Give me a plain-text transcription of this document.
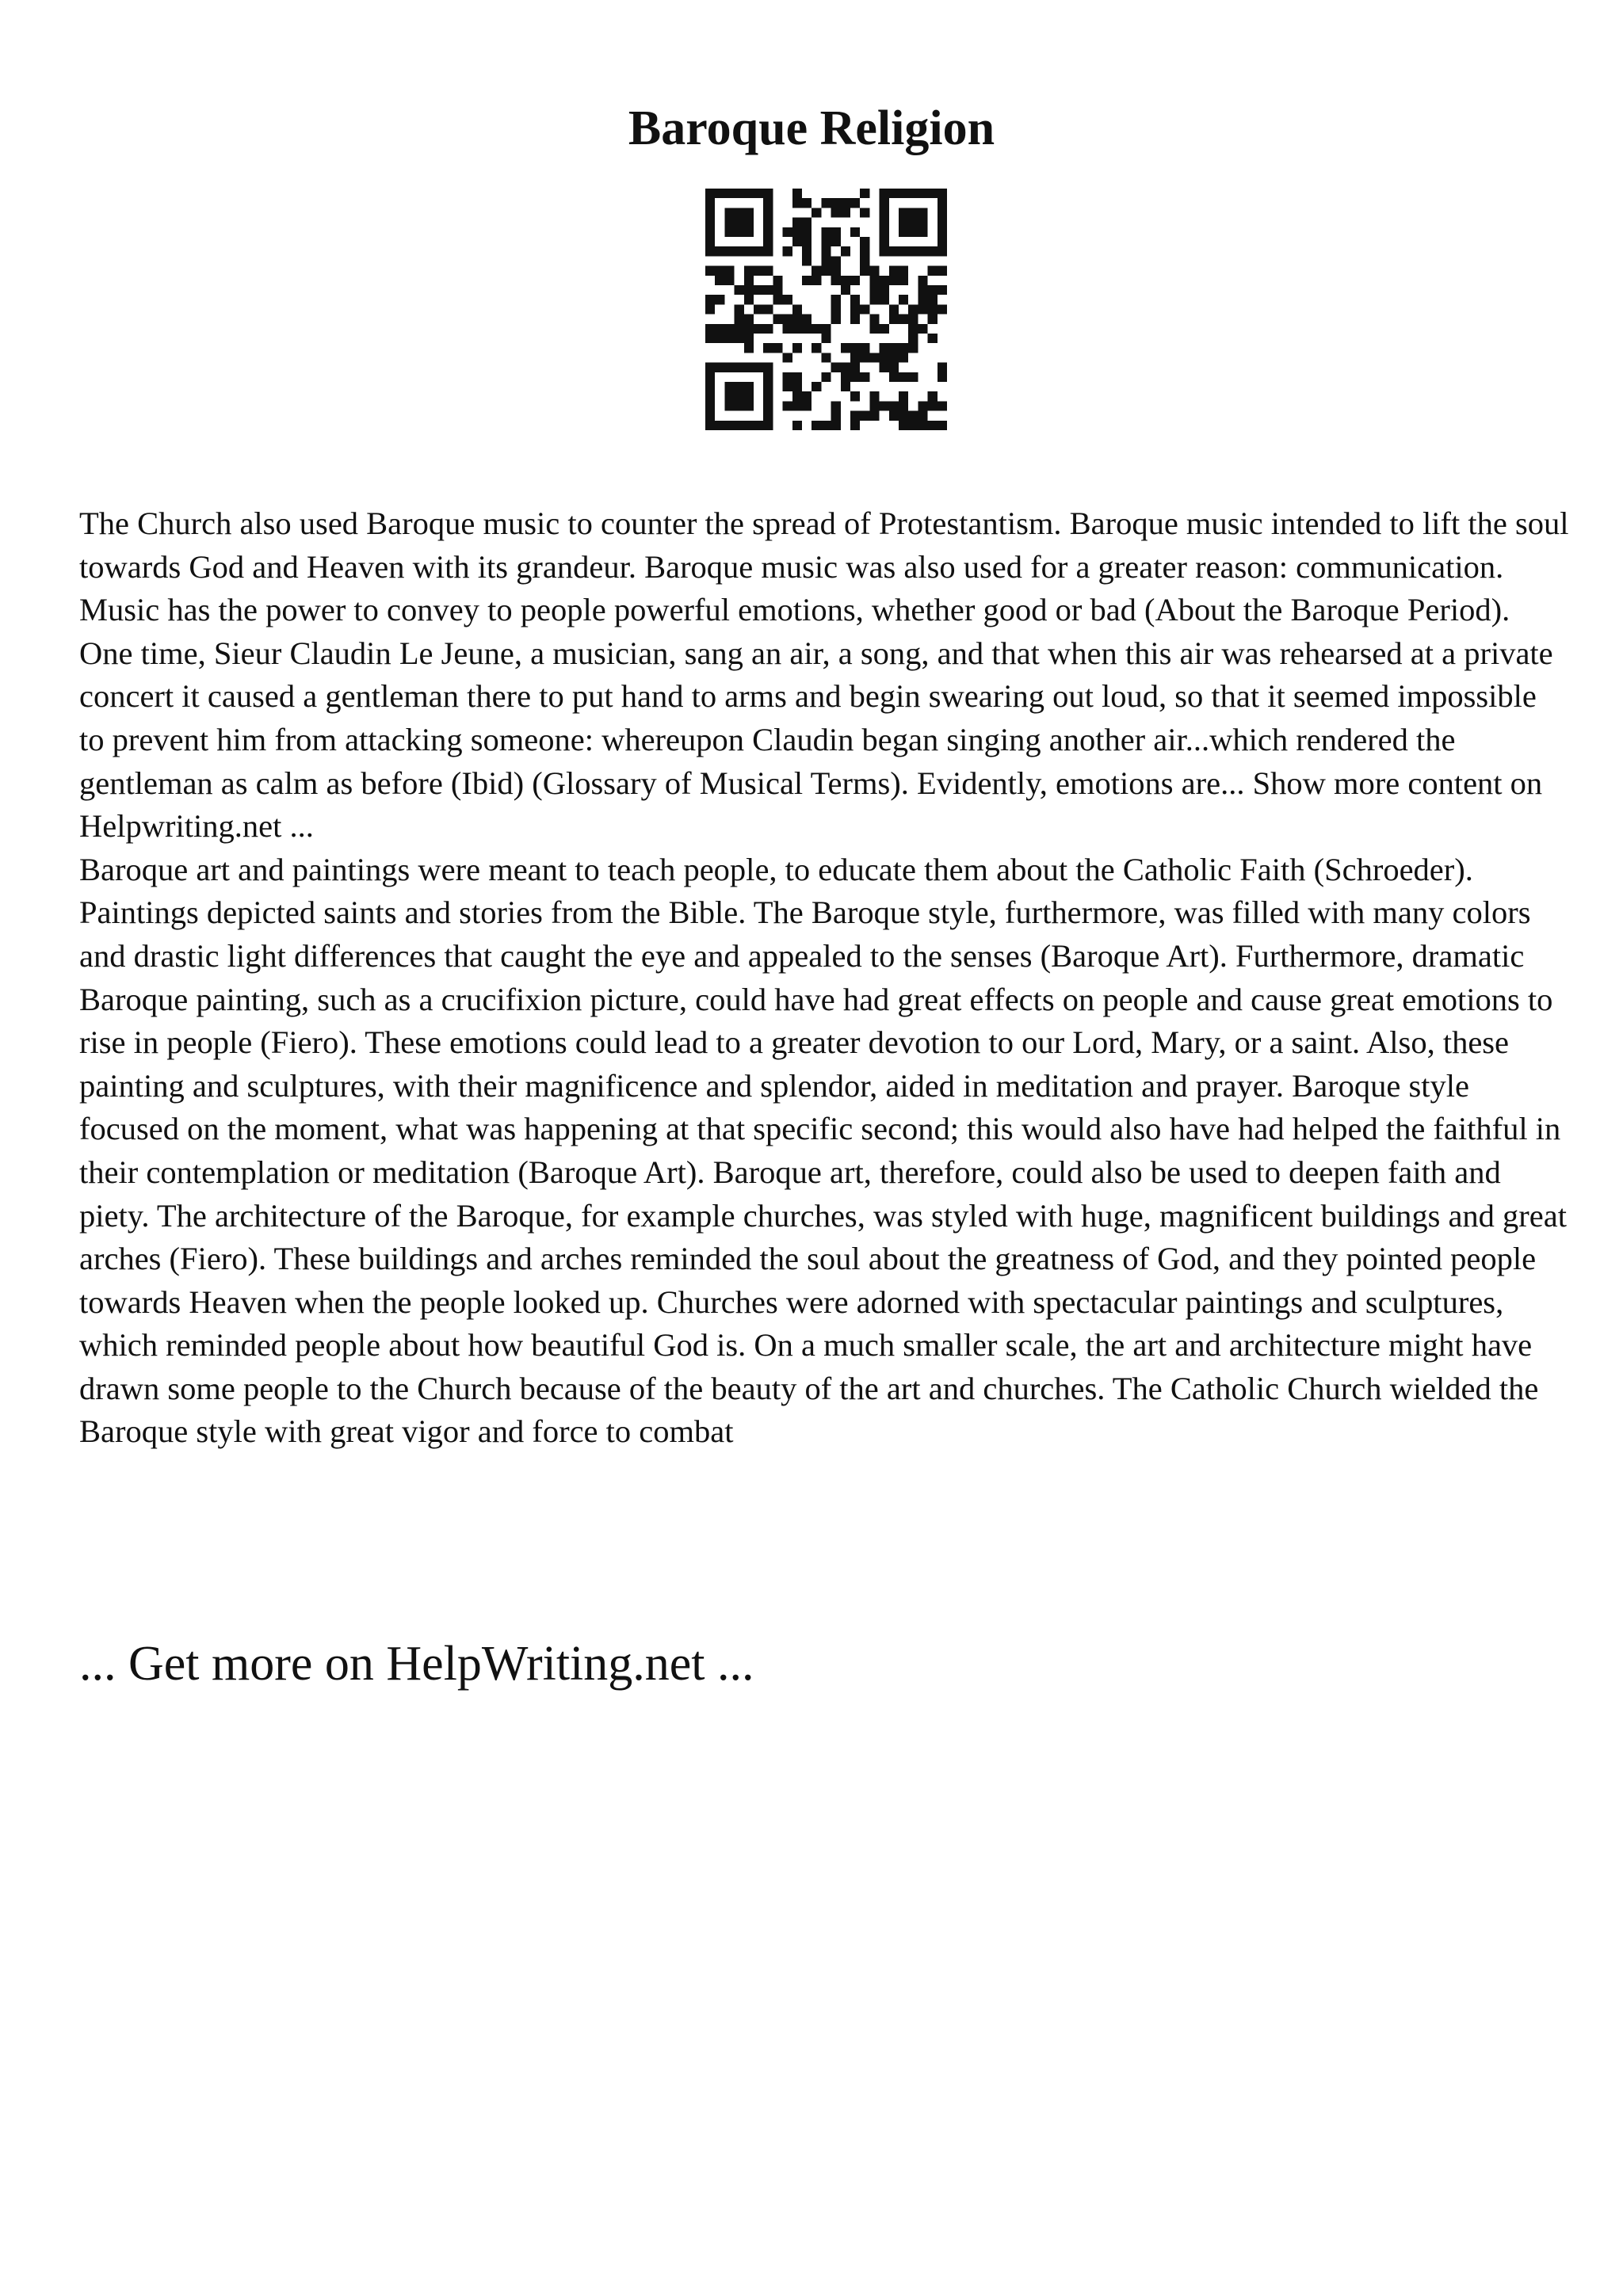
Baroque Religion

The Church also used Baroque music to counter the spread of Protestantism. Baroque music intended to lift the soul towards God and Heaven with its grandeur. Baroque music was also used for a greater reason: communication. Music has the power to convey to people powerful emotions, whether good or bad (About the Baroque Period). One time, Sieur Claudin Le Jeune, a musician, sang an air, a song, and that when this air was rehearsed at a private concert it caused a gentleman there to put hand to arms and begin swearing out loud, so that it seemed impossible to prevent him from attacking someone: whereupon Claudin began singing another air...which rendered the gentleman as calm as before (Ibid) (Glossary of Musical Terms). Evidently, emotions are... Show more content on Helpwriting.net ...

Baroque art and paintings were meant to teach people, to educate them about the Catholic Faith (Schroeder). Paintings depicted saints and stories from the Bible. The Baroque style, furthermore, was filled with many colors and drastic light differences that caught the eye and appealed to the senses (Baroque Art). Furthermore, dramatic Baroque painting, such as a crucifixion picture, could have had great effects on people and cause great emotions to rise in people (Fiero). These emotions could lead to a greater devotion to our Lord, Mary, or a saint. Also, these painting and sculptures, with their magnificence and splendor, aided in meditation and prayer. Baroque style focused on the moment, what was happening at that specific second; this would also have had helped the faithful in their contemplation or meditation (Baroque Art). Baroque art, therefore, could also be used to deepen faith and piety. The architecture of the Baroque, for example churches, was styled with huge, magnificent buildings and great arches (Fiero). These buildings and arches reminded the soul about the greatness of God, and they pointed people towards Heaven when the people looked up. Churches were adorned with spectacular paintings and sculptures, which reminded people about how beautiful God is. On a much smaller scale, the art and architecture might have drawn some people to the Church because of the beauty of the art and churches. The Catholic Church wielded the Baroque style with great vigor and force to combat

... Get more on HelpWriting.net ...
